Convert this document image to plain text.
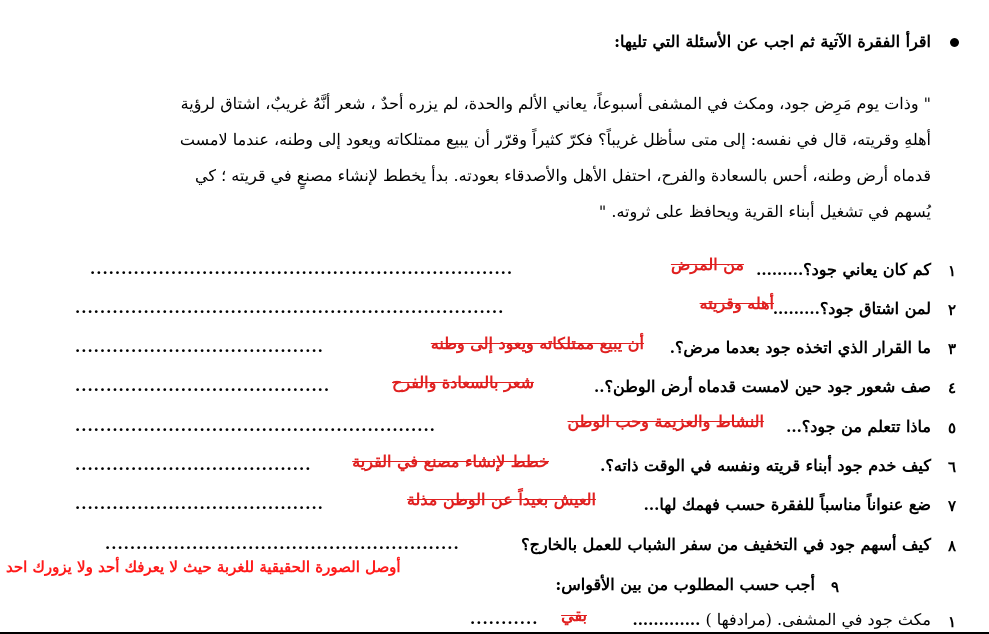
اقرأ الفقرة الآتية ثم اجب عن الأسئلة التي تليها:
" وذات يوم مَرِض جود، ومكث في المشفى أسبوعاً، يعاني الألم والحدة، لم يزره أحدٌ ، شعر أنَّهُ غريبٌ، اشتاق لرؤية
أهلهِ وقريته، قال في نفسه: إلى متى سأظل غريباً؟ فكرّ كثيراً وقرّر أن يبيع ممتلكاته ويعود إلى وطنه، عندما لامست
قدماه أرض وطنه، أحس بالسعادة والفرح، احتفل الأهل والأصدقاء بعودته. بدأ يخطط لإنشاء مصنعٍ في قريته ؛ كي
يُسهم في تشغيل أبناء القرية ويحافظ على ثروته. "
١
كم كان يعاني جود؟.........
من المرض
....................................................................
٢
لمن اشتاق جود؟.........
أهله وقريته
.....................................................................
٣
ما القرار الذي اتخذه جود بعدما مرض؟.
أن يبيع ممتلكاته ويعود إلى وطنه
........................................
٤
صف شعور جود حين لامست قدماه أرض الوطن؟..
شعر بالسعادة والفرح
.........................................
٥
ماذا تتعلم من جود؟...
النشاط والعزيمة وحب الوطن
..........................................................
٦
كيف خدم جود أبناء قريته ونفسه في الوقت ذاته؟.
خطط لإنشاء مصنع في القرية
......................................
٧
ضع عنواناً مناسباً للفقرة حسب فهمك لها...
العيش بعيداً عن الوطن مذلة
........................................
٨
كيف أسهم جود في التخفيف من سفر الشباب للعمل بالخارج؟
.........................................................
أوصل الصورة الحقيقية للغربة حيث لا يعرفك أحد ولا يزورك احد
٩
أجب حسب المطلوب من بين الأقواس:
١
مكث جود في المشفى. (مرادفها ) .............
بقي
...........
